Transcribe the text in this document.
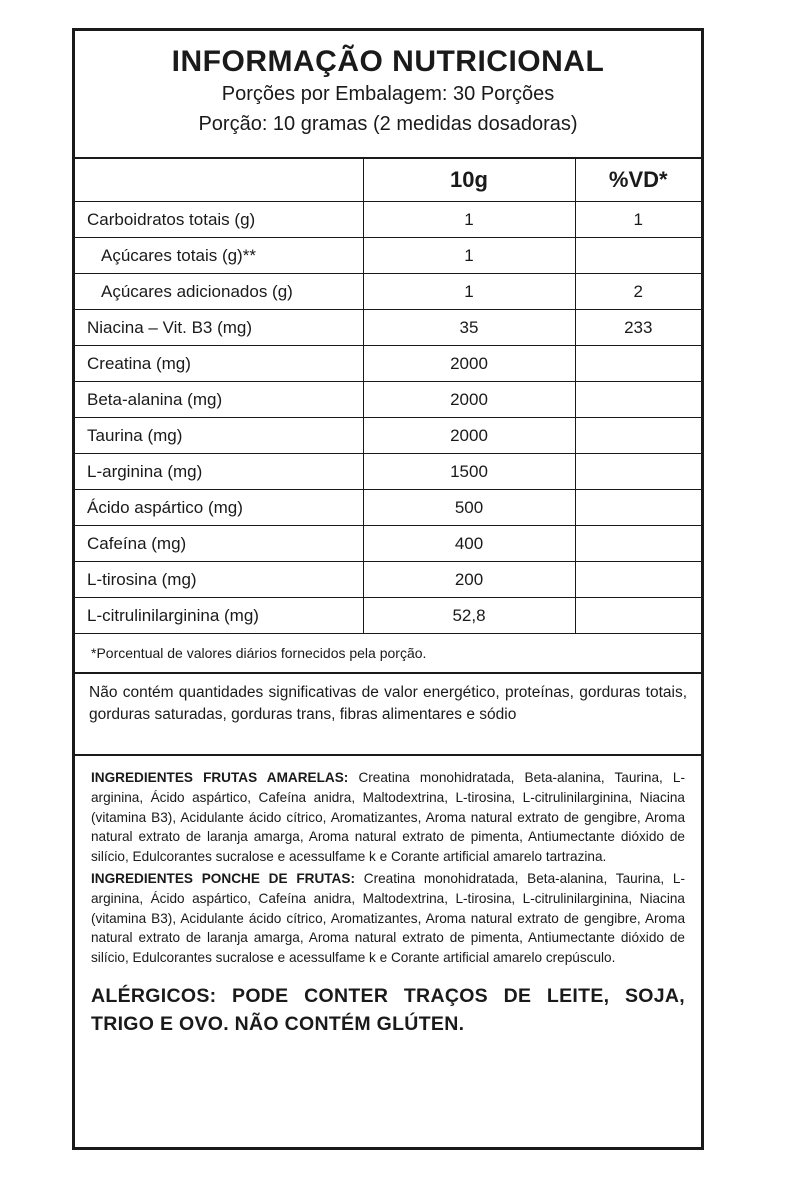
INFORMAÇÃO NUTRICIONAL
Porções por Embalagem: 30 Porções
Porção: 10 gramas (2 medidas dosadoras)
	10g	%VD*
Carboidratos totais (g)	1	1
Açúcares totais (g)**	1	
Açúcares adicionados (g)	1	2
Niacina – Vit. B3 (mg)	35	233
Creatina (mg)	2000	
Beta-alanina (mg)	2000	
Taurina (mg)	2000	
L-arginina (mg)	1500	
Ácido aspártico (mg)	500	
Cafeína (mg)	400	
L-tirosina (mg)	200	
L-citrulinilarginina (mg)	52,8	
*Porcentual de valores diários fornecidos pela porção.
Não contém quantidades significativas de valor energético, proteínas, gorduras totais, gorduras saturadas, gorduras trans, fibras alimentares e sódio

INGREDIENTES FRUTAS AMARELAS: Creatina monohidratada, Beta-alanina, Taurina, L-arginina, Ácido aspártico, Cafeína anidra, Maltodextrina, L-tirosina, L-citrulinilarginina, Niacina (vitamina B3), Acidulante ácido cítrico, Aromatizantes, Aroma natural extrato de gengibre, Aroma natural extrato de laranja amarga, Aroma natural extrato de pimenta, Antiumectante dióxido de silício, Edulcorantes sucralose e acessulfame k e Corante artificial amarelo tartrazina.

INGREDIENTES PONCHE DE FRUTAS: Creatina monohidratada, Beta-alanina, Taurina, L-arginina, Ácido aspártico, Cafeína anidra, Maltodextrina, L-tirosina, L-citrulinilarginina, Niacina (vitamina B3), Acidulante ácido cítrico, Aromatizantes, Aroma natural extrato de gengibre, Aroma natural extrato de laranja amarga, Aroma natural extrato de pimenta, Antiumectante dióxido de silício, Edulcorantes sucralose e acessulfame k e Corante artificial amarelo crepúsculo.

ALÉRGICOS: PODE CONTER TRAÇOS DE LEITE, SOJA, TRIGO E OVO. NÃO CONTÉM GLÚTEN.
